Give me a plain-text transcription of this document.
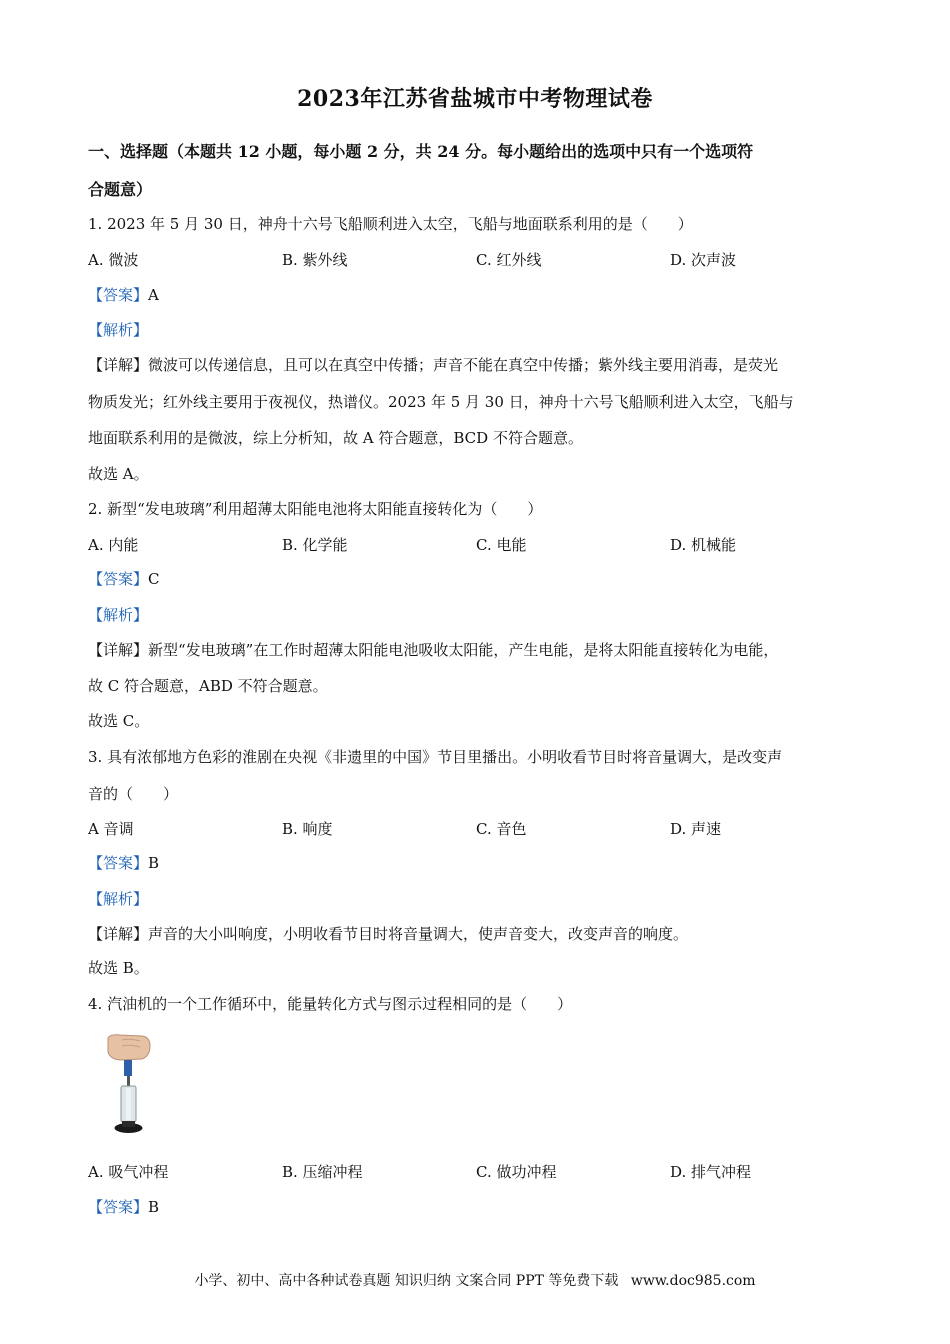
2023年江苏省盐城市中考物理试卷
一、选择题（本题共 12 小题，每小题 2 分，共 24 分。每小题给出的选项中只有一个选项符
合题意）
1. 2023 年 5 月 30 日，神舟十六号飞船顺利进入太空，飞船与地面联系利用的是（　　）
A. 微波	B. 紫外线	C. 红外线	D. 次声波
【答案】A
【解析】
【详解】微波可以传递信息，且可以在真空中传播；声音不能在真空中传播；紫外线主要用消毒，是荧光
物质发光；红外线主要用于夜视仪，热谱仪。2023 年 5 月 30 日，神舟十六号飞船顺利进入太空，飞船与
地面联系利用的是微波，综上分析知，故 A 符合题意，BCD 不符合题意。
故选 A。
2. 新型“发电玻璃”利用超薄太阳能电池将太阳能直接转化为（　　）
A. 内能	B. 化学能	C. 电能	D. 机械能
【答案】C
【解析】
【详解】新型“发电玻璃”在工作时超薄太阳能电池吸收太阳能，产生电能，是将太阳能直接转化为电能，
故 C 符合题意，ABD 不符合题意。
故选 C。
3. 具有浓郁地方色彩的淮剧在央视《非遗里的中国》节目里播出。小明收看节目时将音量调大，是改变声
音的（　　）
A 音调	B. 响度	C. 音色	D. 声速
【答案】B
【解析】
【详解】声音的大小叫响度，小明收看节目时将音量调大，使声音变大，改变声音的响度。
故选 B。
4. 汽油机的一个工作循环中，能量转化方式与图示过程相同的是（　　）
A. 吸气冲程	B. 压缩冲程	C. 做功冲程	D. 排气冲程
【答案】B
小学、初中、高中各种试卷真题 知识归纳 文案合同 PPT 等免费下载 www.doc985.com
